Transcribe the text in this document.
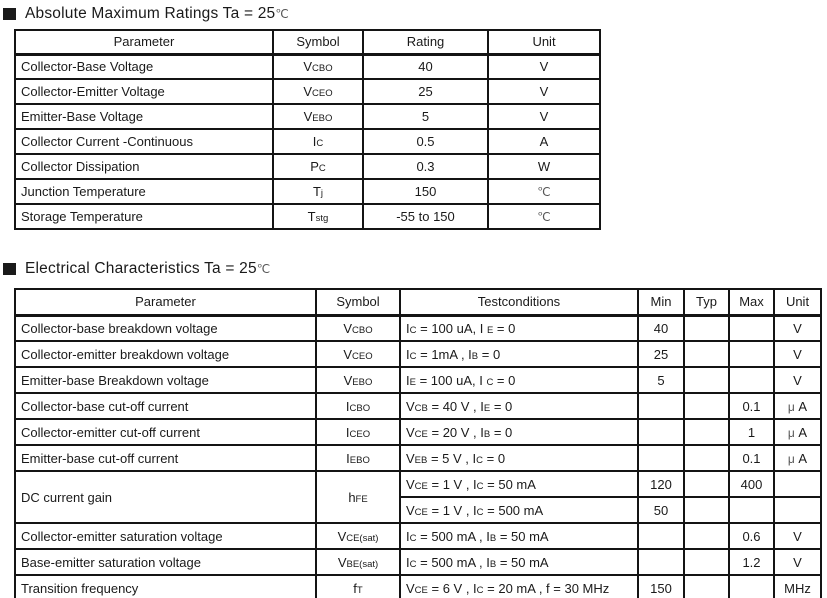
Absolute Maximum Ratings Ta = 25℃
Parameter	Symbol	Rating	Unit
Collector-Base Voltage	VCBO	40	V
Collector-Emitter Voltage	VCEO	25	V
Emitter-Base Voltage	VEBO	5	V
Collector Current -Continuous	IC	0.5	A
Collector Dissipation	PC	0.3	W
Junction Temperature	Tj	150	℃
Storage Temperature	Tstg	-55 to 150	℃
Electrical Characteristics Ta = 25℃
Parameter	Symbol	Testconditions	Min	Typ	Max	Unit
Collector-base breakdown voltage	VCBO	IC = 100 uA, I E = 0	40			V
Collector-emitter breakdown voltage	VCEO	IC = 1mA , IB = 0	25			V
Emitter-base Breakdown voltage	VEBO	IE = 100 uA, I C = 0	5			V
Collector-base cut-off current	ICBO	VCB = 40 V , IE = 0			0.1	μ A
Collector-emitter cut-off current	ICEO	VCE = 20 V , IB = 0			1	μ A
Emitter-base cut-off current	IEBO	VEB = 5 V , IC = 0			0.1	μ A
DC current gain	hFE	VCE = 1 V , IC = 50 mA	120		400	
		VCE = 1 V , IC = 500 mA	50			
Collector-emitter saturation voltage	VCE(sat)	IC = 500 mA , IB = 50 mA			0.6	V
Base-emitter saturation voltage	VBE(sat)	IC = 500 mA , IB = 50 mA			1.2	V
Transition frequency	fT	VCE = 6 V , IC = 20 mA , f = 30 MHz	150			MHz
